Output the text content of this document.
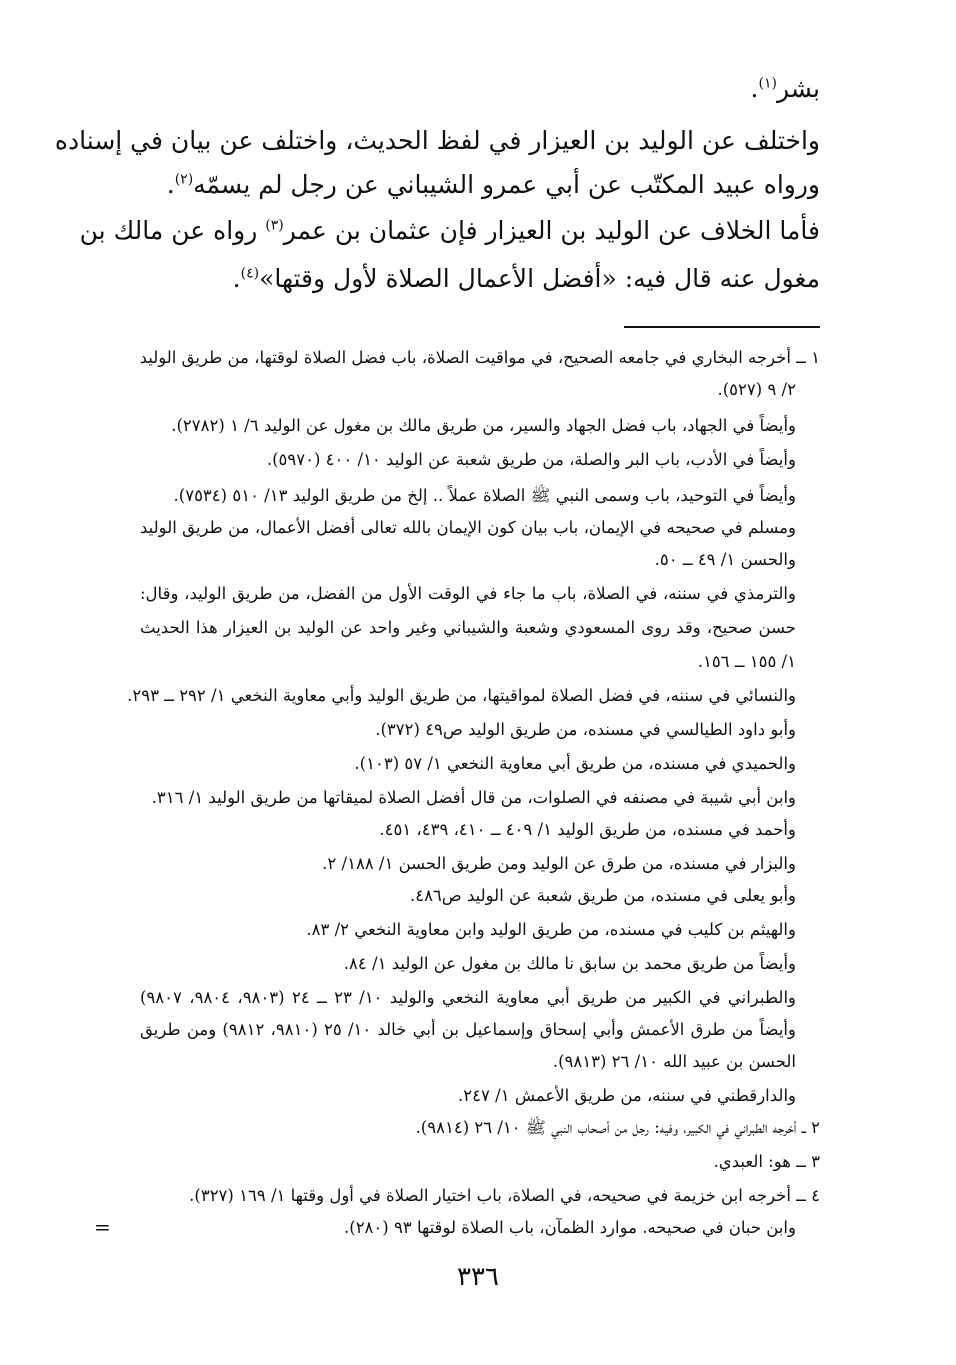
بشر$^{(١)}$.

واختلف عن الوليد بن العيزار في لفظ الحديث، واختلف عن بيان في إسناده

ورواه عبيد المكتّب عن أبي عمرو الشيباني عن رجل لم يسمّه$^{(٢)}$.

فأما الخلاف عن الوليد بن العيزار فإن عثمان بن عمر$^{(٣)}$ رواه عن مالك بن

مغول عنه قال فيه: «أفضل الأعمال الصلاة لأول وقتها»$^{(٤)}$.

١ ــ أخرجه البخاري في جامعه الصحيح، في مواقيت الصلاة، باب فضل الصلاة لوقتها، من طريق الوليد

٢/ ٩ (٥٢٧).

وأيضاً في الجهاد، باب فضل الجهاد والسير، من طريق مالك بن مغول عن الوليد ٦/ ١ (٢٧٨٢).

وأيضاً في الأدب، باب البر والصلة، من طريق شعبة عن الوليد ١٠/ ٤٠٠ (٥٩٧٠).

وأيضاً في التوحيد، باب وسمى النبي ﷺ الصلاة عملاً .. إلخ من طريق الوليد ١٣/ ٥١٠ (٧٥٣٤).

ومسلم في صحيحه في الإيمان، باب بيان كون الإيمان بالله تعالى أفضل الأعمال، من طريق الوليد

والحسن ١/ ٤٩ ــ ٥٠.

والترمذي في سننه، في الصلاة، باب ما جاء في الوقت الأول من الفضل، من طريق الوليد، وقال:

حسن صحيح، وقد روى المسعودي وشعبة والشيباني وغير واحد عن الوليد بن العيزار هذا الحديث

١/ ١٥٥ ــ ١٥٦.

والنسائي في سننه، في فضل الصلاة لمواقيتها، من طريق الوليد وأبي معاوية النخعي ١/ ٢٩٢ ــ ٢٩٣.

وأبو داود الطيالسي في مسنده، من طريق الوليد ص٤٩ (٣٧٢).

والحميدي في مسنده، من طريق أبي معاوية النخعي ١/ ٥٧ (١٠٣).

وابن أبي شيبة في مصنفه في الصلوات، من قال أفضل الصلاة لميقاتها من طريق الوليد ١/ ٣١٦.

وأحمد في مسنده، من طريق الوليد ١/ ٤٠٩ ــ ٤١٠، ٤٣٩، ٤٥١.

والبزار في مسنده، من طرق عن الوليد ومن طريق الحسن ١/ ١٨٨/ ٢.

وأبو يعلى في مسنده، من طريق شعبة عن الوليد ص٤٨٦.

والهيثم بن كليب في مسنده، من طريق الوليد وابن معاوية النخعي ٢/ ٨٣.

وأيضاً من طريق محمد بن سابق نا مالك بن مغول عن الوليد ١/ ٨٤.

والطبراني في الكبير من طريق أبي معاوية النخعي والوليد ١٠/ ٢٣ ــ ٢٤ (٩٨٠٣، ٩٨٠٤، ٩٨٠٧)

وأيضاً من طرق الأعمش وأبي إسحاق وإسماعيل بن أبي خالد ١٠/ ٢٥ (٩٨١٠، ٩٨١٢) ومن طريق

الحسن بن عبيد الله ١٠/ ٢٦ (٩٨١٣).

والدارقطني في سننه، من طريق الأعمش ١/ ٢٤٧.

٢ ــ أخرجه الطبراني في الكبير، وفيه: رجل من أصحاب النبي ﷺ ١٠/ ٢٦ (٩٨١٤).

٣ ــ هو: العبدي.

٤ ــ أخرجه ابن خزيمة في صحيحه، في الصلاة، باب اختيار الصلاة في أول وقتها ١/ ١٦٩ (٣٢٧).

وابن حبان في صحيحه. موارد الظمآن، باب الصلاة لوقتها ٩٣ (٢٨٠).

=
٣٣٦
